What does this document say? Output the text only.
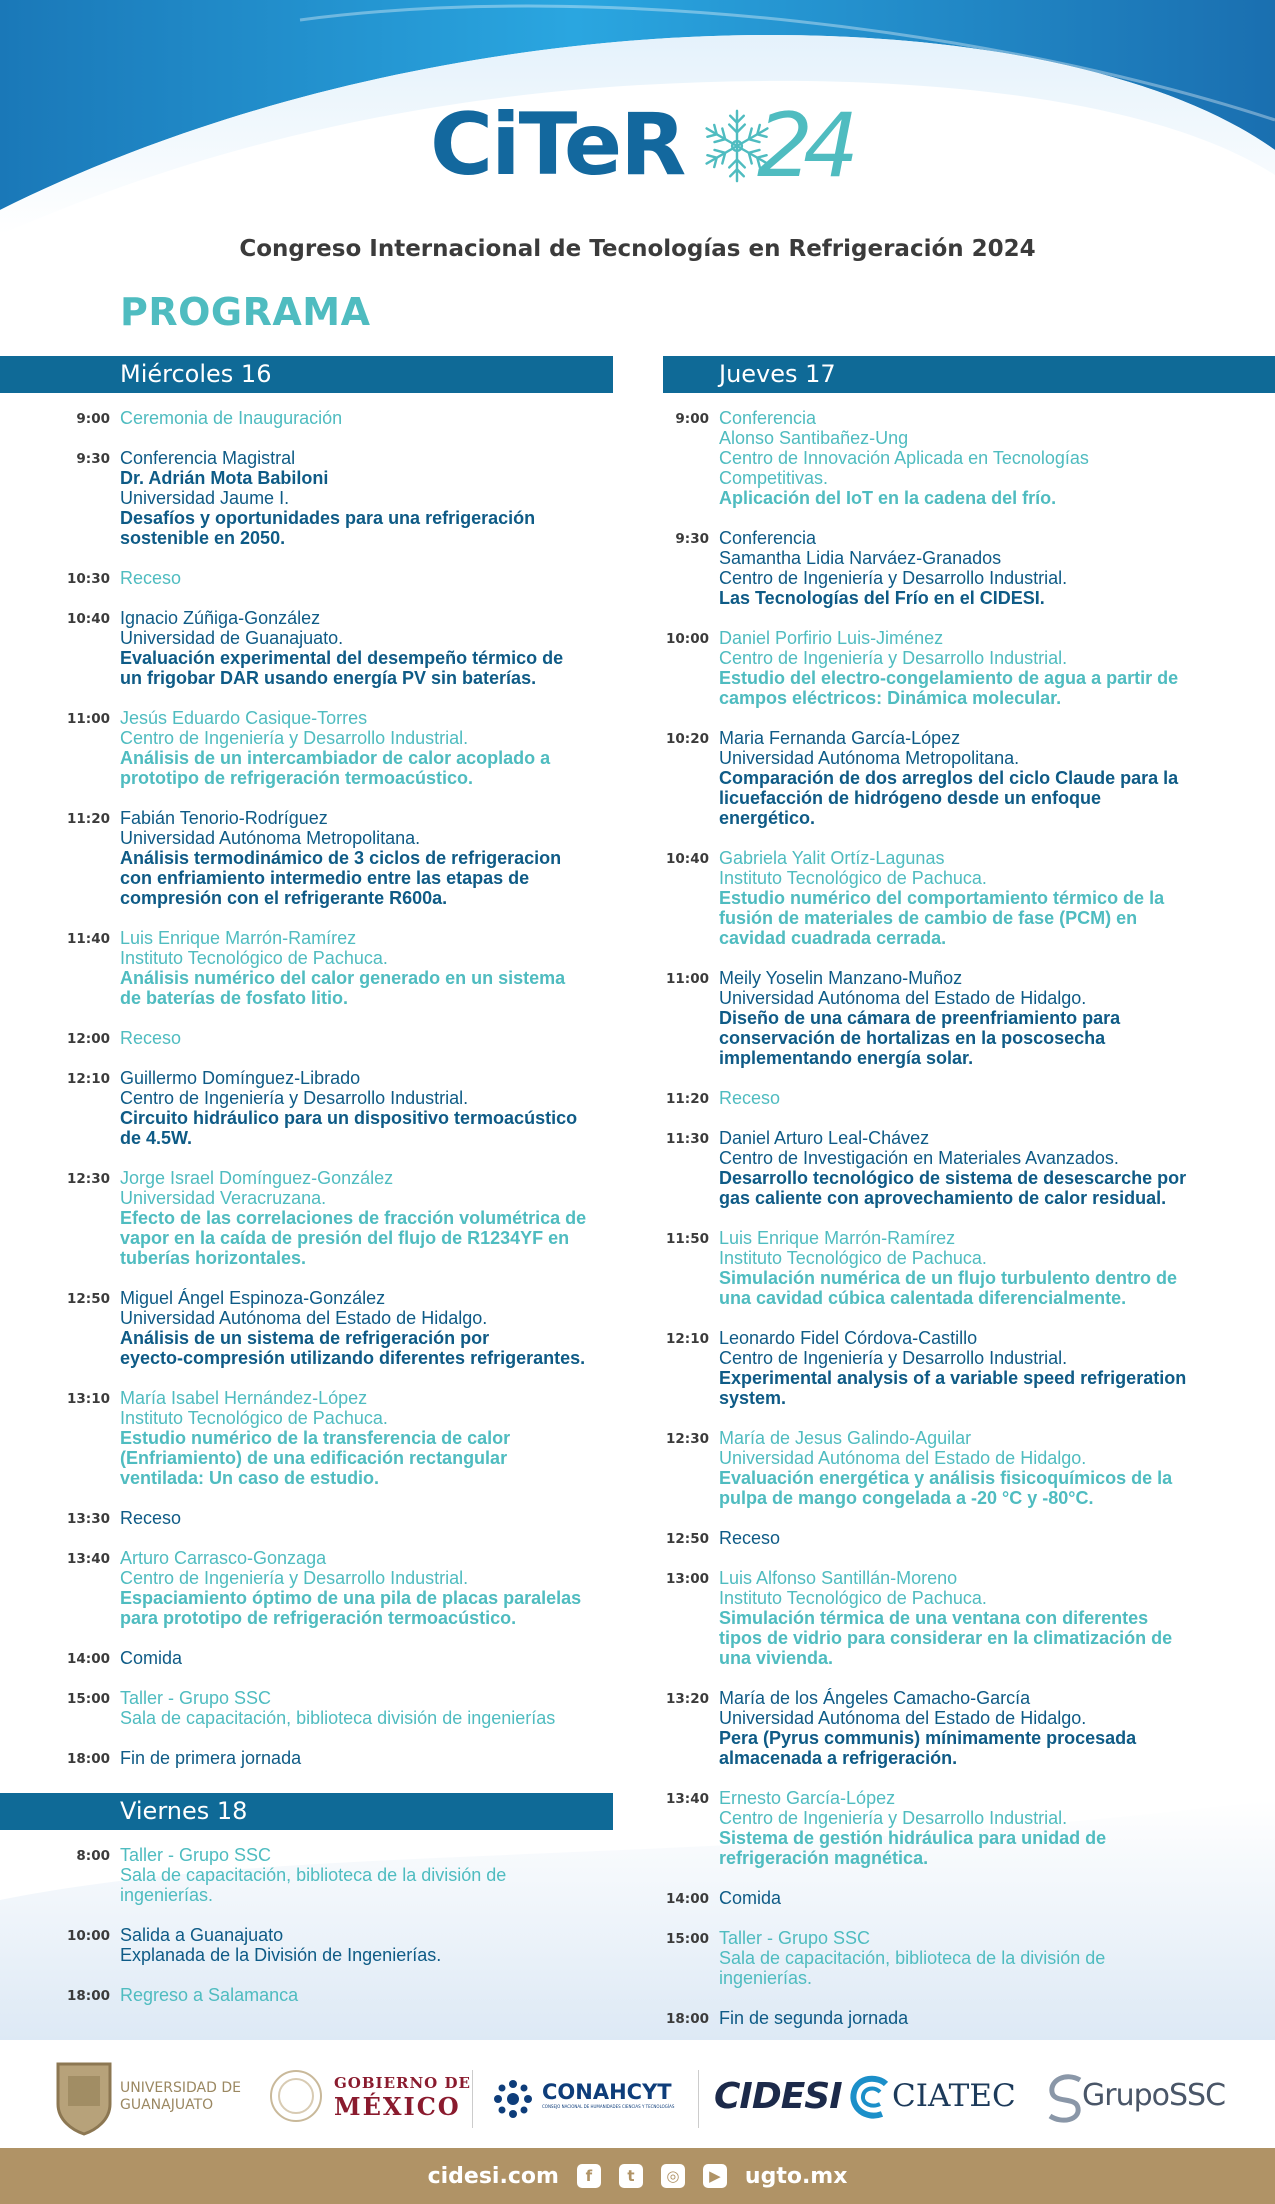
CiTeR 24
Congreso Internacional de Tecnologías en Refrigeración 2024
PROGRAMA
Miércoles 16	Jueves 17
Viernes 18
9:00 Ceremonia de Inauguración
9:30 Conferencia Magistral
Dr. Adrián Mota Babiloni
Universidad Jaume I.
Desafíos y oportunidades para una refrigeración
sostenible en 2050.
10:30 Receso
10:40 Ignacio Zúñiga-González
Universidad de Guanajuato.
Evaluación experimental del desempeño térmico de
un frigobar DAR usando energía PV sin baterías.
11:00 Jesús Eduardo Casique-Torres
Centro de Ingeniería y Desarrollo Industrial.
Análisis de un intercambiador de calor acoplado a
prototipo de refrigeración termoacústico.
11:20 Fabián Tenorio-Rodríguez
Universidad Autónoma Metropolitana.
Análisis termodinámico de 3 ciclos de refrigeracion
con enfriamiento intermedio entre las etapas de
compresión con el refrigerante R600a.
11:40 Luis Enrique Marrón-Ramírez
Instituto Tecnológico de Pachuca.
Análisis numérico del calor generado en un sistema
de baterías de fosfato litio.
12:00 Receso
12:10 Guillermo Domínguez-Librado
Centro de Ingeniería y Desarrollo Industrial.
Circuito hidráulico para un dispositivo termoacústico
de 4.5W.
12:30 Jorge Israel Domínguez-González
Universidad Veracruzana.
Efecto de las correlaciones de fracción volumétrica de
vapor en la caída de presión del flujo de R1234YF en
tuberías horizontales.
12:50 Miguel Ángel Espinoza-González
Universidad Autónoma del Estado de Hidalgo.
Análisis de un sistema de refrigeración por
eyecto-compresión utilizando diferentes refrigerantes.
13:10 María Isabel Hernández-López
Instituto Tecnológico de Pachuca.
Estudio numérico de la transferencia de calor
(Enfriamiento) de una edificación rectangular
ventilada: Un caso de estudio.
13:30 Receso
13:40 Arturo Carrasco-Gonzaga
Centro de Ingeniería y Desarrollo Industrial.
Espaciamiento óptimo de una pila de placas paralelas
para prototipo de refrigeración termoacústico.
14:00 Comida
15:00 Taller - Grupo SSC
Sala de capacitación, biblioteca división de ingenierías
18:00 Fin de primera jornada
9:00 Conferencia
Alonso Santibañez-Ung
Centro de Innovación Aplicada en Tecnologías
Competitivas.
Aplicación del IoT en la cadena del frío.
9:30 Conferencia
Samantha Lidia Narváez-Granados
Centro de Ingeniería y Desarrollo Industrial.
Las Tecnologías del Frío en el CIDESI.
10:00 Daniel Porfirio Luis-Jiménez
Centro de Ingeniería y Desarrollo Industrial.
Estudio del electro-congelamiento de agua a partir de
campos eléctricos: Dinámica molecular.
10:20 Maria Fernanda García-López
Universidad Autónoma Metropolitana.
Comparación de dos arreglos del ciclo Claude para la
licuefacción de hidrógeno desde un enfoque
energético.
10:40 Gabriela Yalit Ortíz-Lagunas
Instituto Tecnológico de Pachuca.
Estudio numérico del comportamiento térmico de la
fusión de materiales de cambio de fase (PCM) en
cavidad cuadrada cerrada.
11:00 Meily Yoselin Manzano-Muñoz
Universidad Autónoma del Estado de Hidalgo.
Diseño de una cámara de preenfriamiento para
conservación de hortalizas en la poscosecha
implementando energía solar.
11:20 Receso
11:30 Daniel Arturo Leal-Chávez
Centro de Investigación en Materiales Avanzados.
Desarrollo tecnológico de sistema de desescarche por
gas caliente con aprovechamiento de calor residual.
11:50 Luis Enrique Marrón-Ramírez
Instituto Tecnológico de Pachuca.
Simulación numérica de un flujo turbulento dentro de
una cavidad cúbica calentada diferencialmente.
12:10 Leonardo Fidel Córdova-Castillo
Centro de Ingeniería y Desarrollo Industrial.
Experimental analysis of a variable speed refrigeration
system.
12:30 María de Jesus Galindo-Aguilar
Universidad Autónoma del Estado de Hidalgo.
Evaluación energética y análisis fisicoquímicos de la
pulpa de mango congelada a -20 °C y -80°C.
12:50 Receso
13:00 Luis Alfonso Santillán-Moreno
Instituto Tecnológico de Pachuca.
Simulación térmica de una ventana con diferentes
tipos de vidrio para considerar en la climatización de
una vivienda.
13:20 María de los Ángeles Camacho-García
Universidad Autónoma del Estado de Hidalgo.
Pera (Pyrus communis) mínimamente procesada
almacenada a refrigeración.
13:40 Ernesto García-López
Centro de Ingeniería y Desarrollo Industrial.
Sistema de gestión hidráulica para unidad de
refrigeración magnética.
14:00 Comida
15:00 Taller - Grupo SSC
Sala de capacitación, biblioteca de la división de
ingenierías.
18:00 Fin de segunda jornada
8:00 Taller - Grupo SSC
Sala de capacitación, biblioteca de la división de
ingenierías.
10:00 Salida a Guanajuato
Explanada de la División de Ingenierías.
18:00 Regreso a Salamanca
UNIVERSIDAD DE
GUANAJUATO
GOBIERNO DE
MÉXICO	CONAHCYT
CONSEJO NACIONAL DE HUMANIDADES CIENCIAS Y TECNOLOGÍAS	CIDESI CIATEC GrupoSSC
cidesi.com	f	t	◎	▶ ugto.mx
